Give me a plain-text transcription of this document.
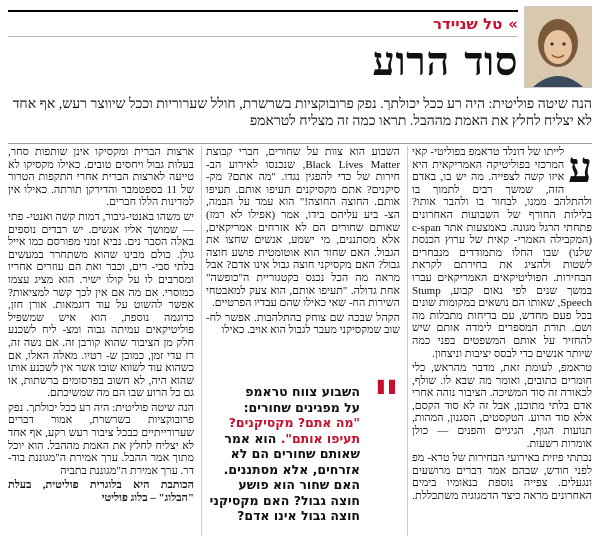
»
טל שניידר
סוד הרוע
הנה שיטה פוליטית: היה רע ככל יכולתך. נפק פרובוקציות בשרשרת, חולל שערוריות וככל שיווצר רעש, אף אחד לא יצליח לחלץ את האמת מההבל. תראו כמה זה מצליח לטראמפ
ע

לייתו של דונלד טראמפ בפוליטי- קאי המרכזי בפוליטיקה האמריקאית היא איזו קשה לצפייה. מה יש בו, באדם הזה, שמשך רבים לתמוך בו ולהתלהב ממנו, לבחור בו ולהבר אותו? בלילות החורף של השבועות האחרונים פתחתי הרגל מגונה. באמצעות אתר c-span (המקבילה האמרי- קאית של ערוץ הכנסת שלנו) שבו החלו מתמודדים מנבחרים לשטות ולהציג את בחירתם לקראת הבחירות. הפוליטיקאים האמריקאים עברו במשך שנים לפי נאום קבוע, Stump Speech, שאותו הם נושאים במקומות שונים בכל פעם מחדש, עם בדיחות מתבלות מה ושם. תורת המספרים לימדה אותם שיש להחזיר על אותם המשפטים בפני כמה שיותר אנשים כדי לבסס יציבות וניצחון.

טראמפ, לעומת זאת, מדבר מהראש, כלי חומרים כתובים, ואומר מה שבא לו. שולף, לכאורה זה סוד המשיכה. הציבור נוהה אחרי אדם בלתי מתוכנן, אבל זה לא סוד הקסם, אלא סוד הרוע. הטקסטים, הסגנון, המהות, תנועות הגוף, הגיגיים והפנים — כולן אומרות רשעות.

נכתתי פיזית באירועי הבחירות של טרא- מפ לפני חודש, שבהם אמר דברים מרושעים ונגעלים. צפייה נוספת בנאומיו בימים האחרונים מראה כיצד הדמגוגיה משתכללת.

השבוע הוא צוות על שחורים, חברי קבוצת Black Lives Matter, שנכנסו לאירוע הב- חירות של כדי להפגין נגדו. "מה אתם? מק- סיקנים? אתם מקסיקנים תעיפו אותם. תעיפו אותם. החוצה החוצה!" הוא עמד על הבמה, הצ- ביע עליהם בידו, אמר (אפילו לא רמז) שאותם שחורים הם לא אזרחים אמריקאים, אלא מסתננים, מי ישמע, אנשים שחצו את הגבול. האם שחור הוא אוטומטית פושע חוצה גבול? האם מקסיקני חוצה גבול אינו אדם? אבל מראה מה הכל נכנס בקטגוריית ה"כופשה" אחת גדולה. "תעיפו אותם, הוא צעק למאבטחי השירות הח- שאי כאילו שהם עבדיו הפרטיים.

הקהל שבכה שם צוחק בהתלהבות. אפשר לח- שוב שמקסיקני מעבר לגבול הוא אויב. כאילו

"
השבוע צווח טראמפ
על מפגינים שחורים:
"מה אתם? מקסיקנים? תעיפו אותם". הוא אמר שאותם שחורים הם לא אזרחים, אלא מסתננים. האם שחור הוא פושע חוצה גבול? האם מקסיקני חוצה גבול אינו אדם?

ארצות הברית ומקסיקו אינן שותפות סחר, בעלות גבול ויחסים טובים. כאילו מקסיקו לא טייעה לארצות הברית אחרי התקפות הטרור של 11 בספטמבר והדירקן תורתה. כאילו אין למדינות הללו חברים.

יש משהו באנטי-גיבור, דמות קשה ואנטי- פתי — שמושך אליו אנשים. יש רבדים נוספים באלה הסבר נים. נביא זמני מפורסם כמו אייל גולן. כולם מבינו שהוא משתחרר במעשים בלתי סבי- רים, וכבר ואת הם עוזרים אחריו ומסרבים לו על קולו ישיר. הוא מציג עצמו כמוסרי. אם מה אם אין לכך קשר למציאות? אפשר להשוט על עוד דוגמאות. אורן חזן, כדוגמה נוספת, הוא איש שמשפיל פוליטיקאים עמיתה גבוה ומצ- ליח לשכנע חלק מן הציבור שהוא קורבן זה. אם נשה זה, רז עדי זמן, כמובן ש- רטיו. מאלה האלו, אם כשהוא עוד לשווא שובו אשר אין לשכנע אותו שהוא היה, לא חשוב בפרסומים ברשתות, או גם כל הרוע שבו הם מה שמשיכתם.

הנה שיטה פוליטית: היה רע ככל יכולתך. נפק פרובוקציות בשרשרת, אמור דברים שערורייתיים כבכל ציבור רעש רקע, אף אחד לא יצליח לחלץ את האמת מההבל. הוא יוכל מתוך אמר ההבל. ערך אמירת ה"מגוננת בוד- דר. ערך אמירת ה"מגוננת בתביה

הכותבת היא בלוגרית פוליטית, בעלת "הבלוג" – בלוג פוליטי
